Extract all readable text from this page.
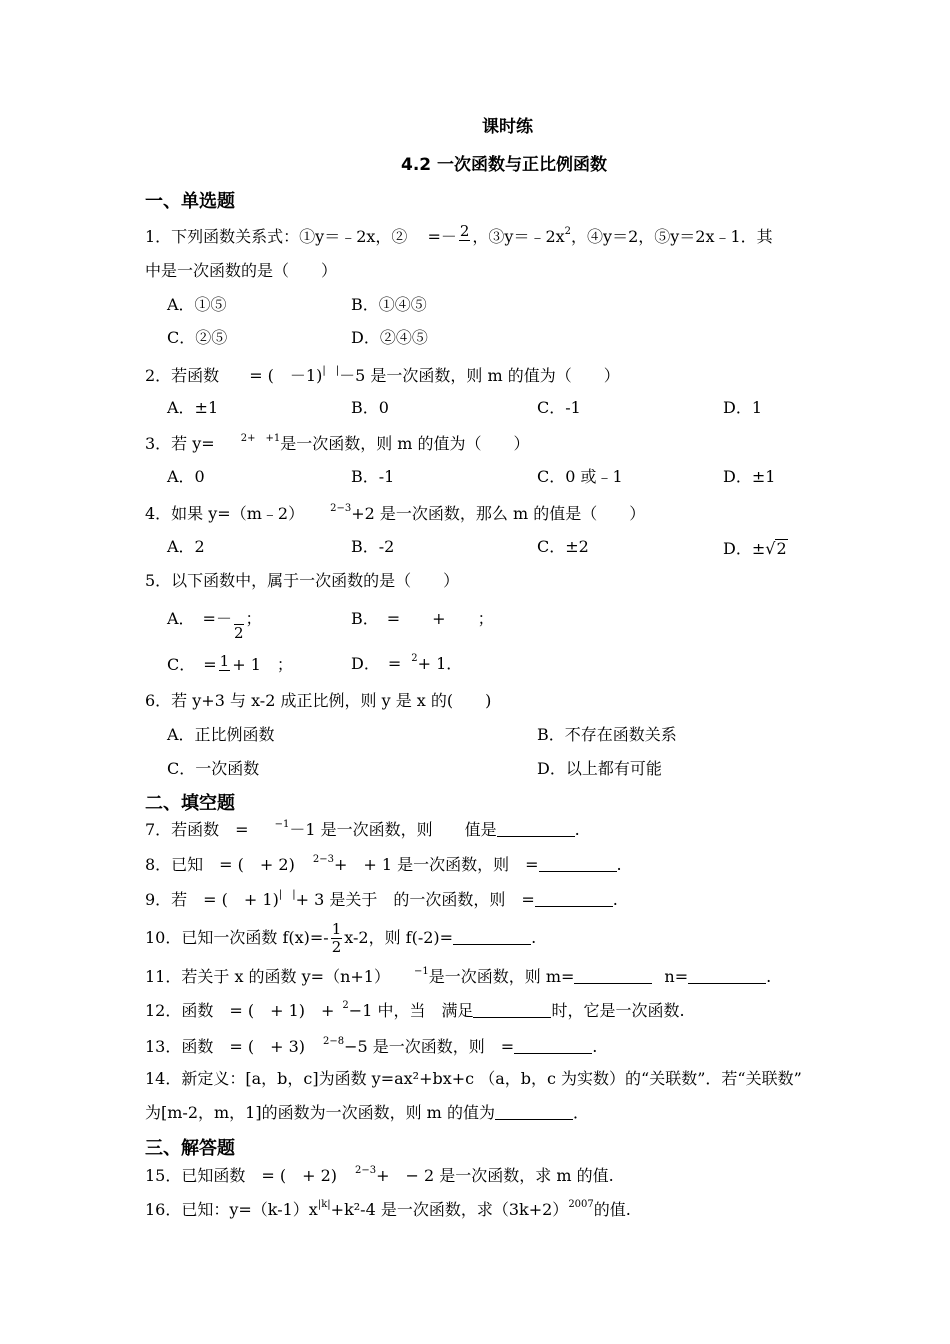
课时练
4.2 一次函数与正比例函数
一、单选题
1．下列函数关系式：①y＝﹣2x，② =－ 2 ，$③y=﹣2x^2$，④y＝2，⑤y＝2x﹣1．其
中是一次函数的是（　　）
A．①⑤	B．①④⑤
C．②⑤	D．②④⑤
2．若函数 = (　－1)|　|－5 是一次函数，则 m 的值为（　　）
A．±1	B．0	C．-1	D．1
3．若 y=	$^{2+ +1}$是一次函数，则 m 的值为（　　）
A．0	B．-1	C．0 或﹣1	D．±1
4．如果 y=（m﹣2）	$^{2-3}$+2 是一次函数，那么 m 的值是（　　）
A．2	B．-2	C．±2	D．±√2
5．以下函数中，属于一次函数的是（　　）
A．　=－
2
；	B．　=　　+　　；
C．　= 1 + 1　；	D．　= $^2$+ 1．
6．若 y+3 与 x-2 成正比例，则 y 是 x 的(　　)
A．正比例函数	B．不存在函数关系
C．一次函数	D．以上都有可能
二、填空题
7．若函数　=	$^{-1}$－1 是一次函数，则　　值是	.
8．已知　= (　+ 2) $^{2-3}$+　+ 1 是一次函数，则　=	.
9．若　= (　+ 1)|　|+ 3 是关于　的一次函数，则　=	.
10．已知一次函数 $f(x)=- \frac{1}{2} x-2$，则 f(-2)=	.
11．若关于 x 的函数 y=（n+1） $^{-1}$是一次函数，则 m=	n=	.
12．函数　= (　+ 1)　+ $^2$−1 中，当　满足	时，它是一次函数.
13．函数　= (　+ 3) $^{2-8}$−5 是一次函数，则　=	.
14．新定义：[a，b，c]为函数 y=ax²+bx+c （a，b，c 为实数）的“关联数”．若“关联数”
为[m-2，m，1]的函数为一次函数，则 m 的值为	．
三、解答题
15．已知函数　= (　+ 2) $^{2-3}$+　− 2 是一次函数，求 m 的值.
16．已知：$y=(k-1)x^{|k|}+k^2-4$ 是一次函数，求$(3k+2)^{2007}$的值.
